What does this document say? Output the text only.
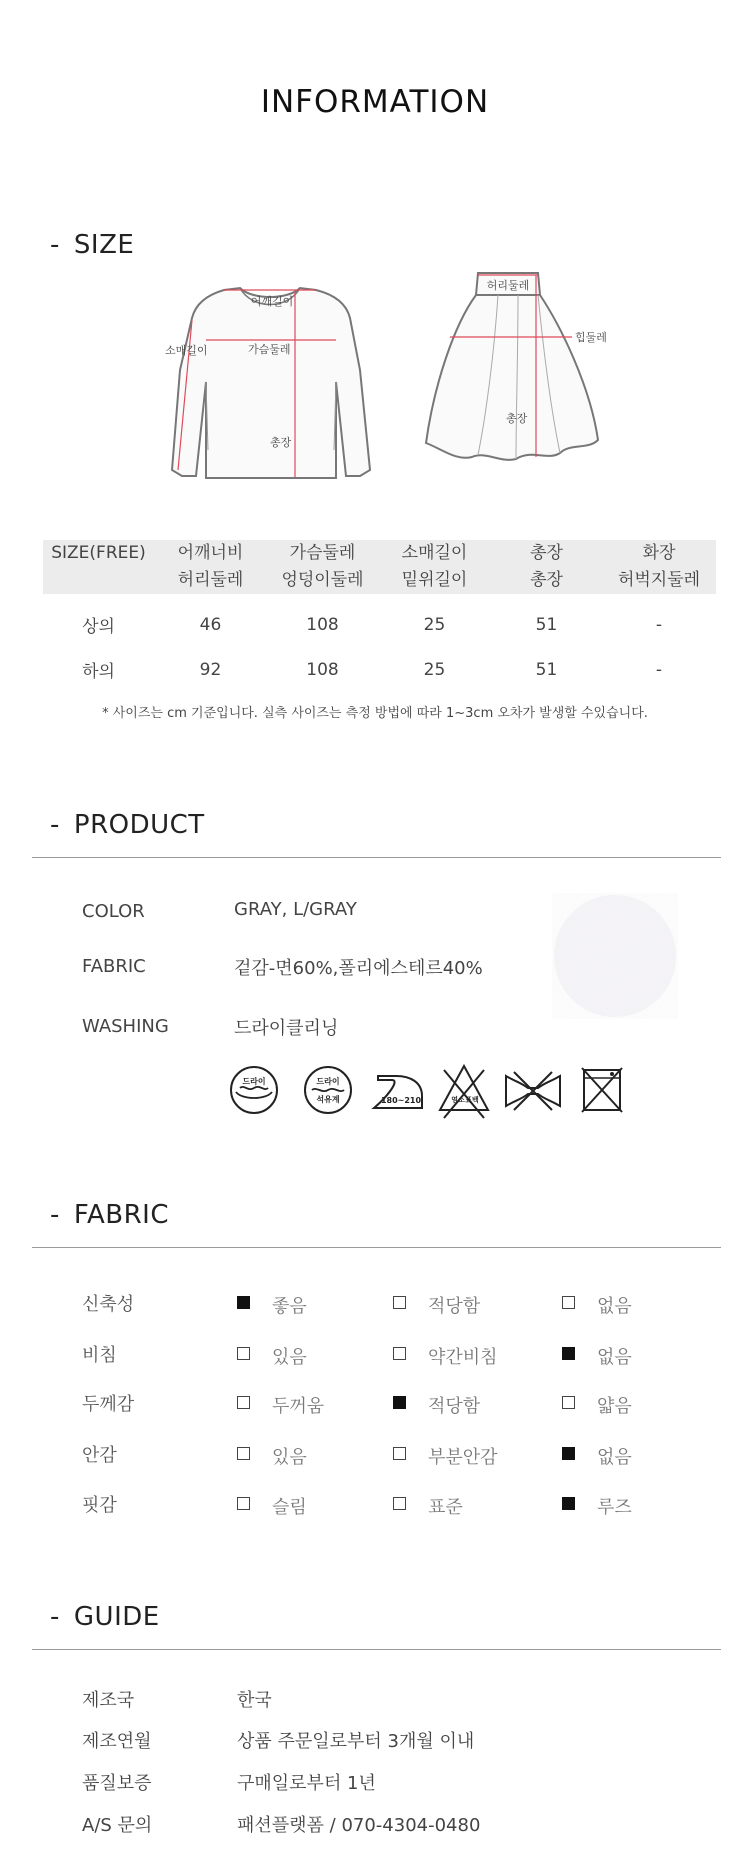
INFORMATION
- SIZE
어깨길이
소매길이	가슴둘레
총장
허리둘레
힙둘레
총장
SIZE(FREE)	어깨너비	가슴둘레	소매길이	총장	화장
	허리둘레	엉덩이둘레	밑위길이	총장	허벅지둘레
상의	46	108	25	51	-
하의	92	108	25	51	-
* 사이즈는 cm 기준입니다. 실측 사이즈는 측정 방법에 따라 1~3cm 오차가 발생할 수있습니다.
- PRODUCT
COLOR	GRAY, L/GRAY
FABRIC	겉감-면60%,폴리에스테르40%
WASHING	드라이클리닝
드라이	드라이
석유계	180~210	염소 표백
- FABRIC
신축성	좋음	적당함	없음
비침	있음	약간비침	없음
두께감	두꺼움	적당함	얇음
안감	있음	부분안감	없음
핏감	슬림	표준	루즈
- GUIDE
제조국	한국
제조연월	상품 주문일로부터 3개월 이내
품질보증	구매일로부터 1년
A/S 문의	패션플랫폼 / 070-4304-0480
